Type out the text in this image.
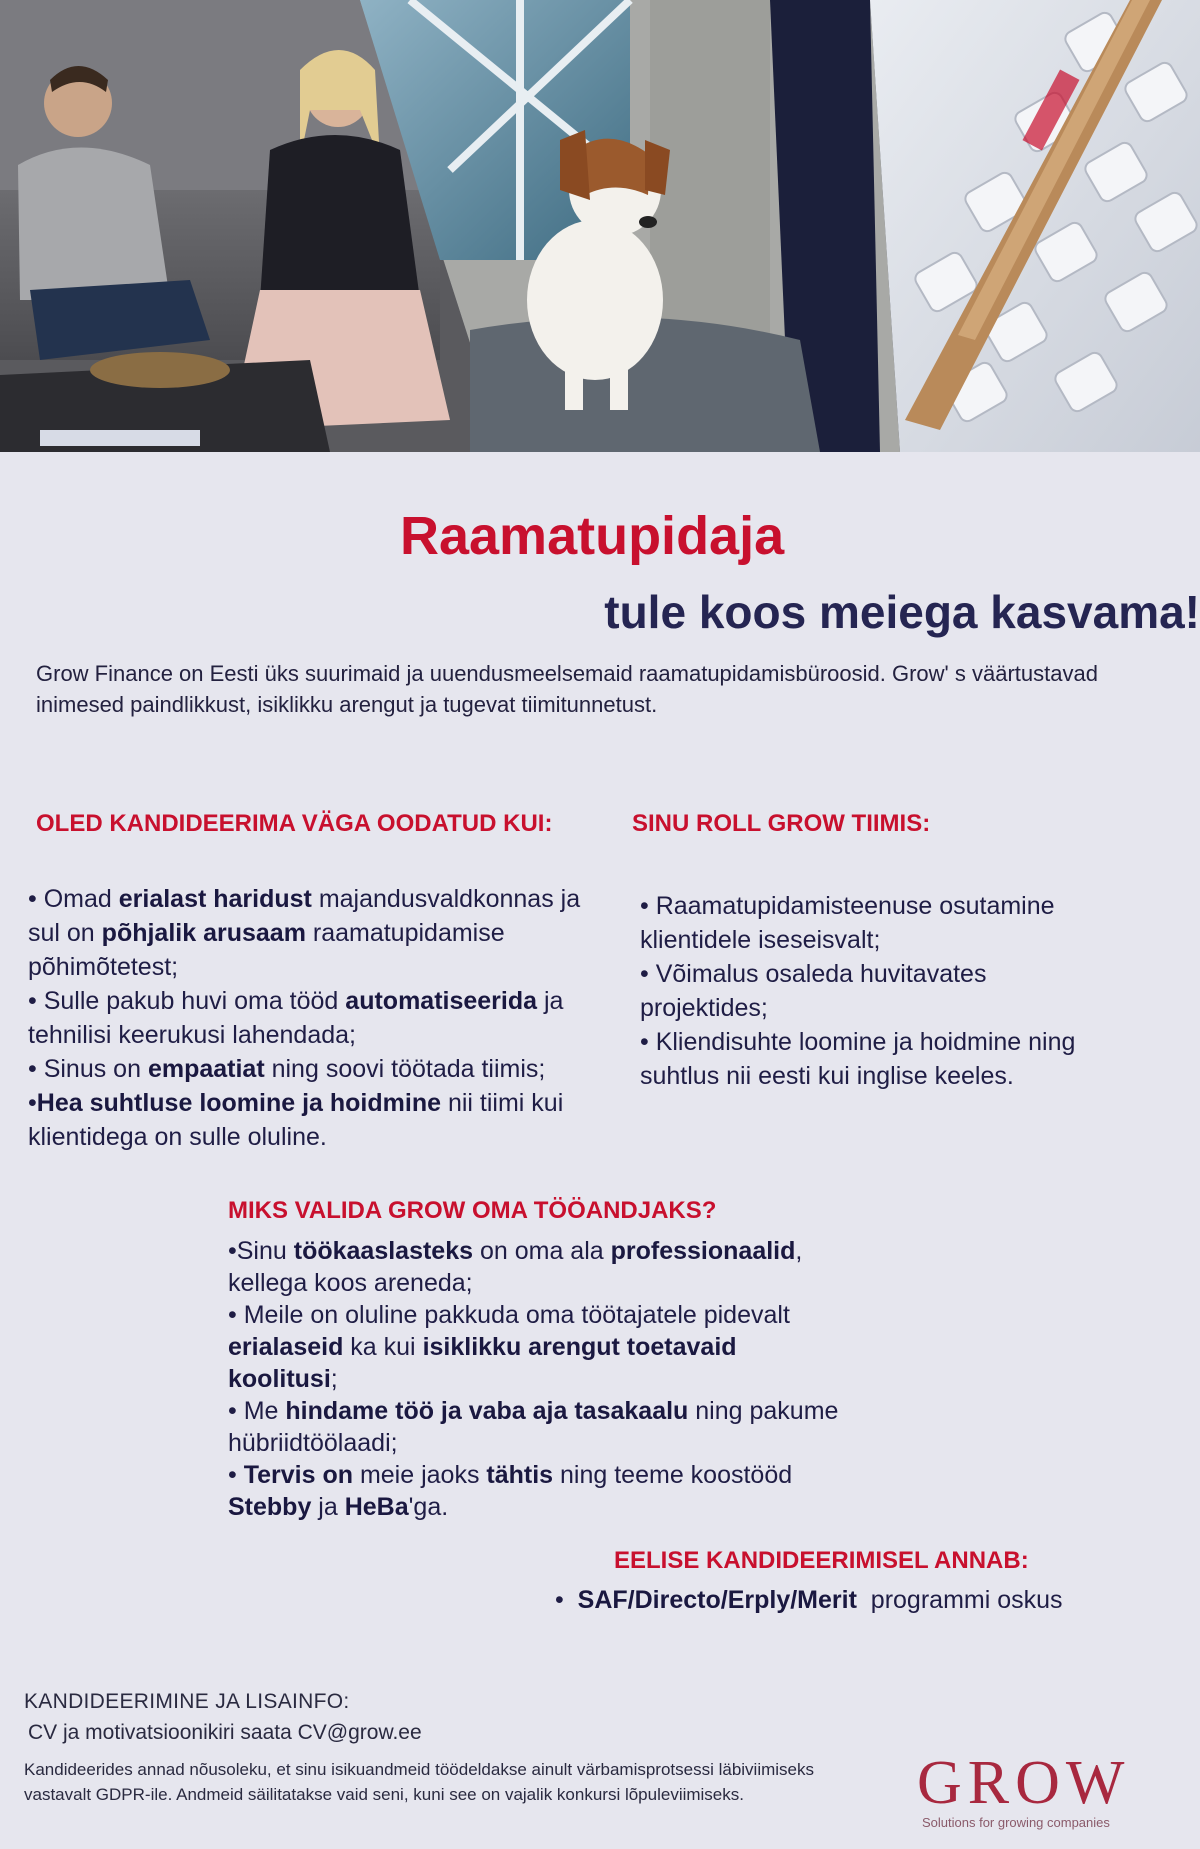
Raamatupidaja
tule koos meiega kasvama!

Grow Finance on Eesti üks suurimaid ja uuendusmeelsemaid raamatupidamisbüroosid. Grow' s väärtustavad inimesed paindlikkust, isiklikku arengut ja tugevat tiimitunnetust.

OLED KANDIDEERIMA VÄGA OODATUD KUI:
• Omad erialast haridust majandusvaldkonnas ja sul on põhjalik arusaam raamatupidamise põhimõtetest;
• Sulle pakub huvi oma tööd automatiseerida ja tehnilisi keerukusi lahendada;
• Sinus on empaatiat ning soovi töötada tiimis;
•Hea suhtluse loomine ja hoidmine nii tiimi kui klientidega on sulle oluline.
SINU ROLL GROW TIIMIS:
• Raamatupidamisteenuse osutamine klientidele iseseisvalt;
• Võimalus osaleda huvitavates projektides;
• Kliendisuhte loomine ja hoidmine ning suhtlus nii eesti kui inglise keeles.
MIKS VALIDA GROW OMA TÖÖANDJAKS?
•Sinu töökaaslasteks on oma ala professionaalid, kellega koos areneda;
• Meile on oluline pakkuda oma töötajatele pidevalt erialaseid ka kui isiklikku arengut toetavaid koolitusi;
• Me hindame töö ja vaba aja tasakaalu ning pakume hübriidtöölaadi;
• Tervis on meie jaoks tähtis ning teeme koostööd Stebby ja HeBa'ga.
EELISE KANDIDEERIMISEL ANNAB:

• SAF/Directo/Erply/Merit  programmi oskus

KANDIDEERIMINE JA LISAINFO:

CV ja motivatsioonikiri saata CV@grow.ee

Kandideerides annad nõusoleku, et sinu isikuandmeid töödeldakse ainult värbamisprotsessi läbiviimiseks vastavalt GDPR-ile. Andmeid säilitatakse vaid seni, kuni see on vajalik konkursi lõpuleviimiseks.	GROW
Solutions for growing companies
